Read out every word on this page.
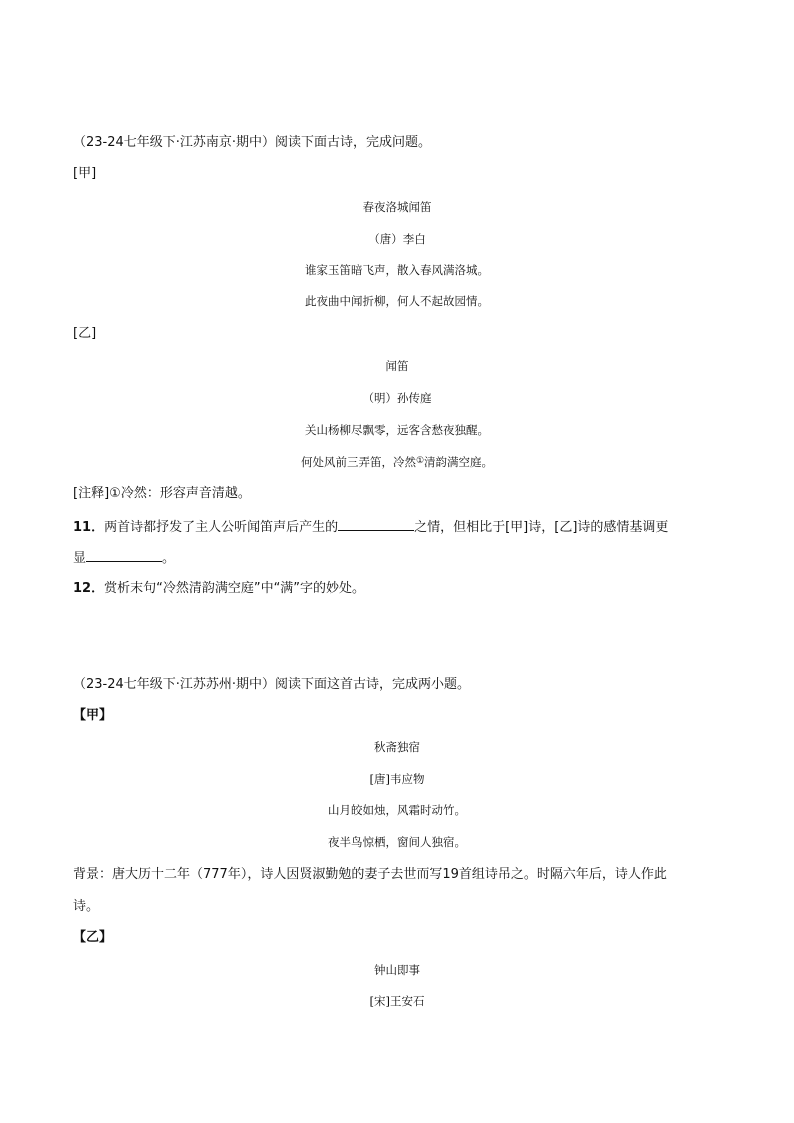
（23-24七年级下·江苏南京·期中）阅读下面古诗，完成问题。
[甲]
春夜洛城闻笛
（唐）李白
谁家玉笛暗飞声，散入春风满洛城。
此夜曲中闻折柳，何人不起故园情。
[乙]
闻笛
（明）孙传庭
关山杨柳尽飘零，远客含愁夜独醒。
何处风前三弄笛，冷然①清韵满空庭。
[注释]①冷然：形容声音清越。
11．两首诗都抒发了主人公听闻笛声后产生的	之情，但相比于[甲]诗，[乙]诗的感情基调更
显	。
12．赏析末句“冷然清韵满空庭”中“满”字的妙处。
（23-24七年级下·江苏苏州·期中）阅读下面这首古诗，完成两小题。
【甲】
秋斋独宿
[唐]韦应物
山月皎如烛，风霜时动竹。
夜半鸟惊栖，窗间人独宿。
背景：唐大历十二年（777年），诗人因贤淑勤勉的妻子去世而写19首组诗吊之。时隔六年后，诗人作此
诗。
【乙】
钟山即事
[宋]王安石
